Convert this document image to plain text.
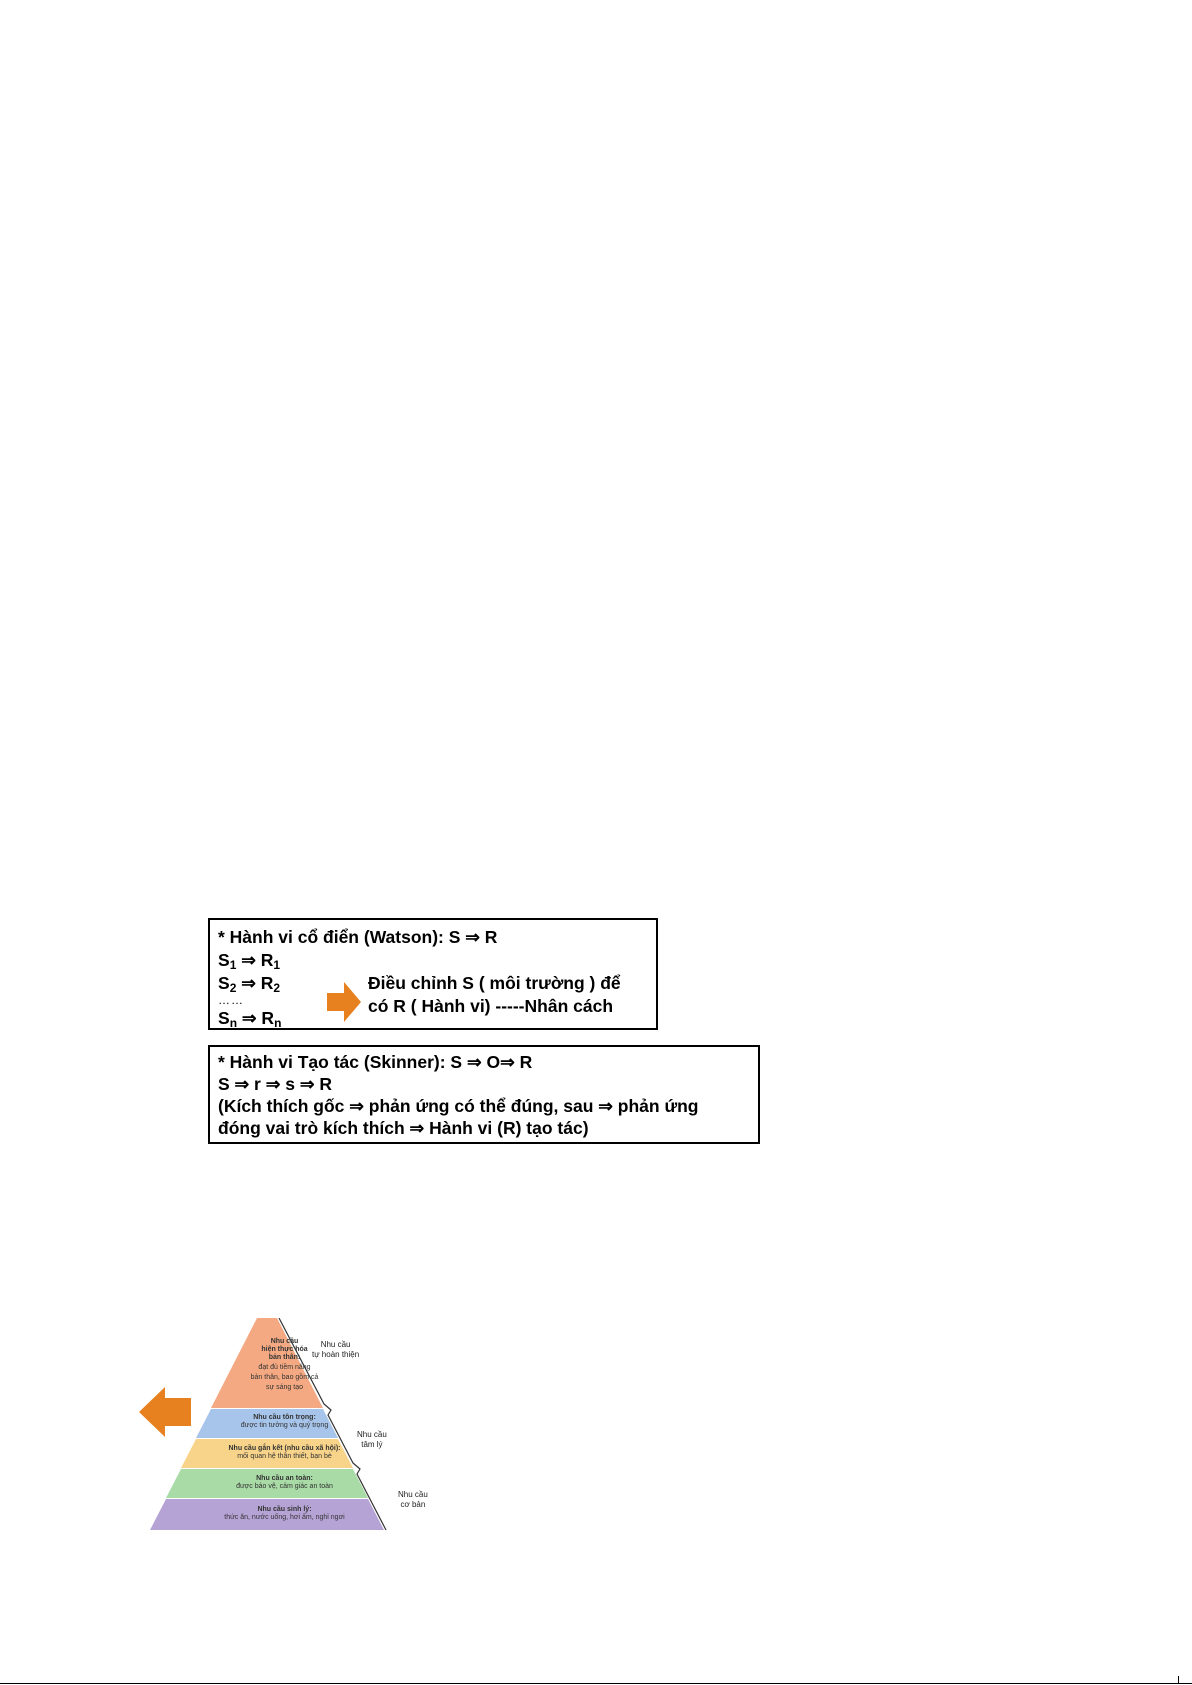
* Hành vi cổ điển (Watson): S ⇒ R
$S_1$ ⇒ $R_1$
$S_2$ ⇒ $R_2$
……
$S_n$ ⇒ $R_n$
Điều chỉnh S ( môi trường ) để
có R ( Hành vi) -----Nhân cách
* Hành vi Tạo tác (Skinner): S ⇒ O⇒ R
S ⇒ r ⇒ s ⇒ R
(Kích thích gốc ⇒ phản ứng có thể đúng, sau ⇒ phản ứng
đóng vai trò kích thích ⇒ Hành vi (R) tạo tác)
Nhu cầu
hiện thực hóa
bản thân:
đạt đủ tiềm năng
bản thân, bao gồm cả
sự sáng tạo
Nhu cầu tôn trọng:
được tin tưởng và quý trọng
Nhu cầu gắn kết (nhu cầu xã hội):
mối quan hệ thân thiết, bạn bè
Nhu cầu an toàn:
được bảo vệ, cảm giác an toàn
Nhu cầu sinh lý:
thức ăn, nước uống, hơi ấm, nghỉ ngơi
Nhu cầu
tự hoàn thiện
Nhu cầu
tâm lý
Nhu cầu
cơ bản
